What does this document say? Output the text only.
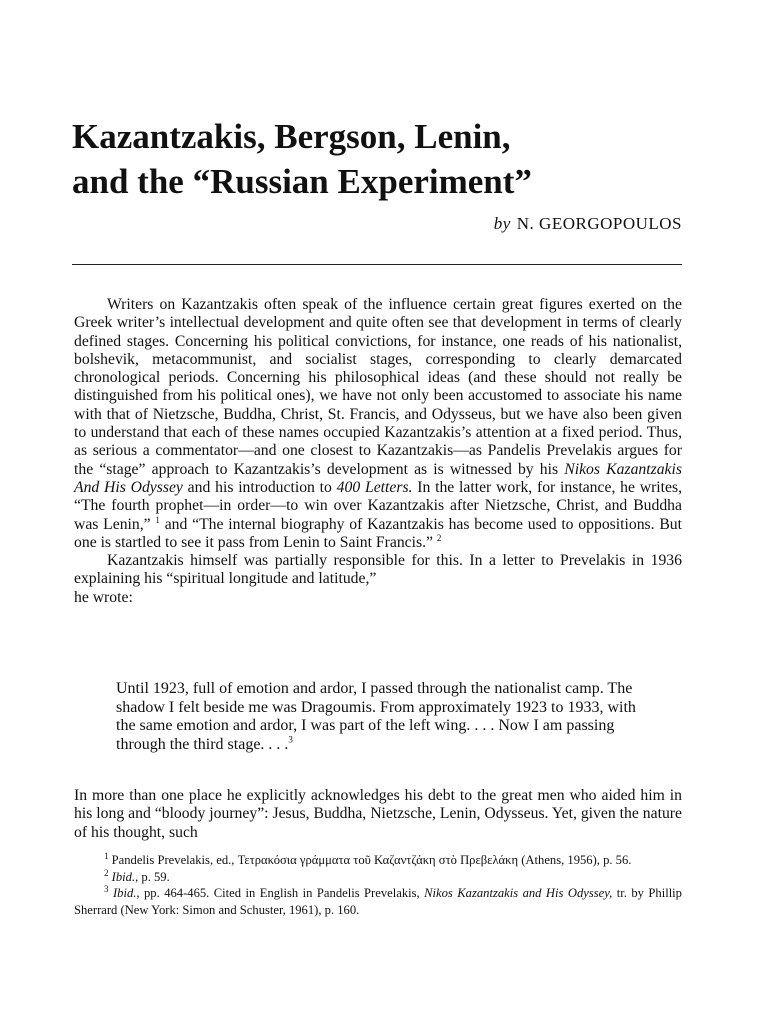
Kazantzakis, Bergson, Lenin,
and the “Russian Experiment”
by N. GEORGOPOULOS

Writers on Kazantzakis often speak of the influence certain great figures exerted on the Greek writer’s intellectual development and quite often see that development in terms of clearly defined stages. Concerning his political convictions, for instance, one reads of his nationalist, bolshevik, metacommunist, and socialist stages, corresponding to clearly demarcated chronological periods. Concerning his philosophical ideas (and these should not really be distinguished from his political ones), we have not only been accustomed to associate his name with that of Nietzsche, Buddha, Christ, St. Francis, and Odysseus, but we have also been given to understand that each of these names occupied Kazantzakis’s attention at a fixed period. Thus, as serious a commentator—and one closest to Kazantzakis—as Pandelis Prevelakis argues for the “stage” approach to Kazantzakis’s development as is witnessed by his Nikos Kazantzakis And His Odyssey and his introduction to 400 Letters. In the latter work, for instance, he writes, “The fourth prophet—in order—to win over Kazantzakis after Nietzsche, Christ, and Buddha was Lenin,” $^1$ and “The internal biography of Kazantzakis has become used to oppositions. But one is startled to see it pass from Lenin to Saint Francis.” $^2$

Kazantzakis himself was partially responsible for this. In a letter to Prevelakis in 1936 explaining his “spiritual longitude and latitude,”

he wrote:

Until 1923, full of emotion and ardor, I passed through the nationalist camp. The shadow I felt beside me was Dragoumis. From approximately 1923 to 1933, with the same emotion and ardor, I was part of the left wing. . . . Now I am passing through the third stage. . . .$^3$

In more than one place he explicitly acknowledges his debt to the great men who aided him in his long and “bloody journey”: Jesus, Buddha, Nietzsche, Lenin, Odysseus. Yet, given the nature of his thought, such

$^1$ Pandelis Prevelakis, ed., Τετρακόσια γράμματα τοῦ Καζαντζάκη στὸ Πρεβελάκη (Athens, 1956), p. 56.

$^2$ Ibid., p. 59.

$^3$ Ibid., pp. 464-465. Cited in English in Pandelis Prevelakis, Nikos Kazantzakis and His Odyssey, tr. by Phillip Sherrard (New York: Simon and Schuster, 1961), p. 160.
